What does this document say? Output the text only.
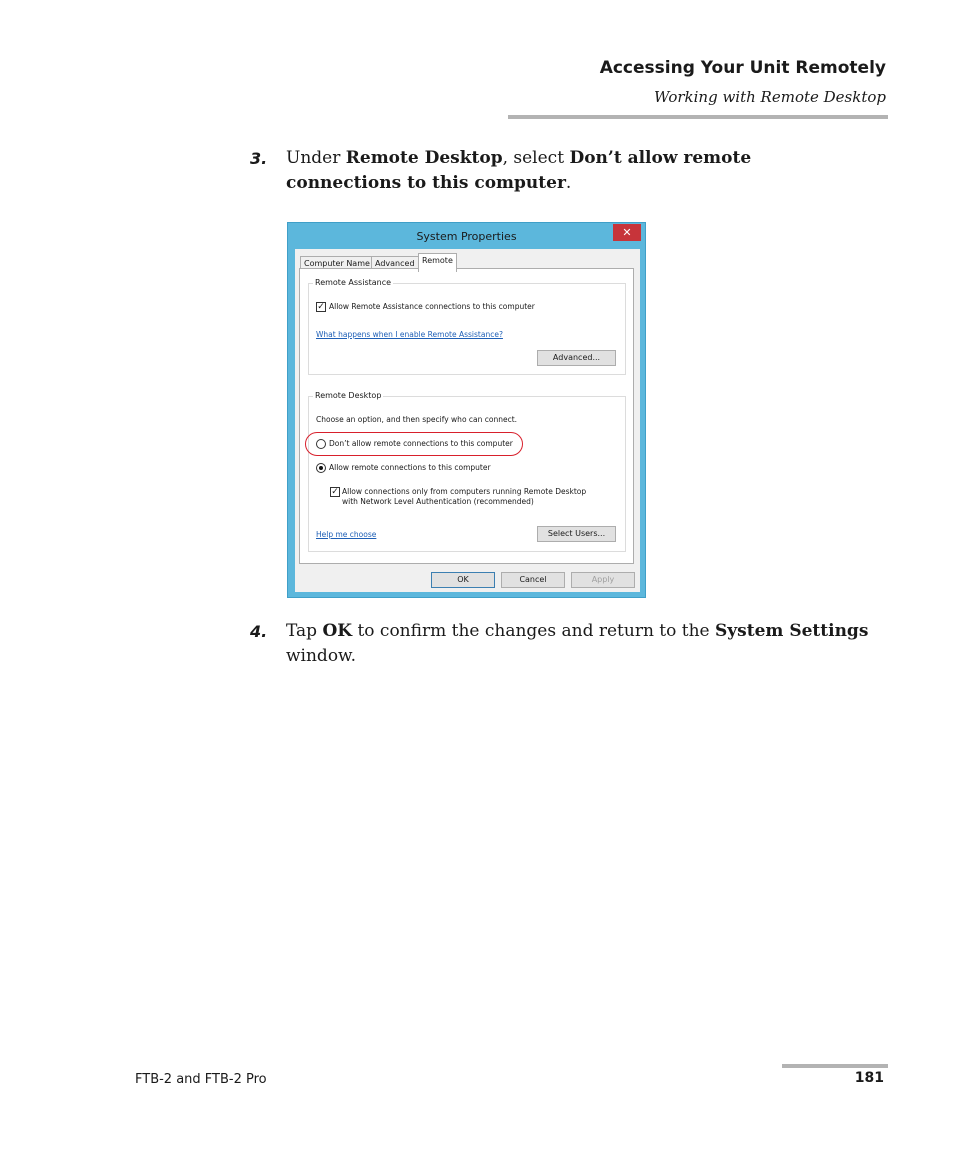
Accessing Your Unit Remotely
Working with Remote Desktop
3. Under Remote Desktop, select Don’t allow remote connections to this computer.
System Properties	✕
Computer Name Advanced Remote
Remote Assistance
✓ Allow Remote Assistance connections to this computer
What happens when I enable Remote Assistance?
Advanced...
Remote Desktop
Choose an option, and then specify who can connect.
Don’t allow remote connections to this computer
Allow remote connections to this computer
✓ Allow connections only from computers running Remote Desktop
with Network Level Authentication (recommended)
Help me choose	Select Users...
OK	Cancel	Apply
4. Tap OK to confirm the changes and return to the System Settings window.
FTB-2 and FTB-2 Pro	181
